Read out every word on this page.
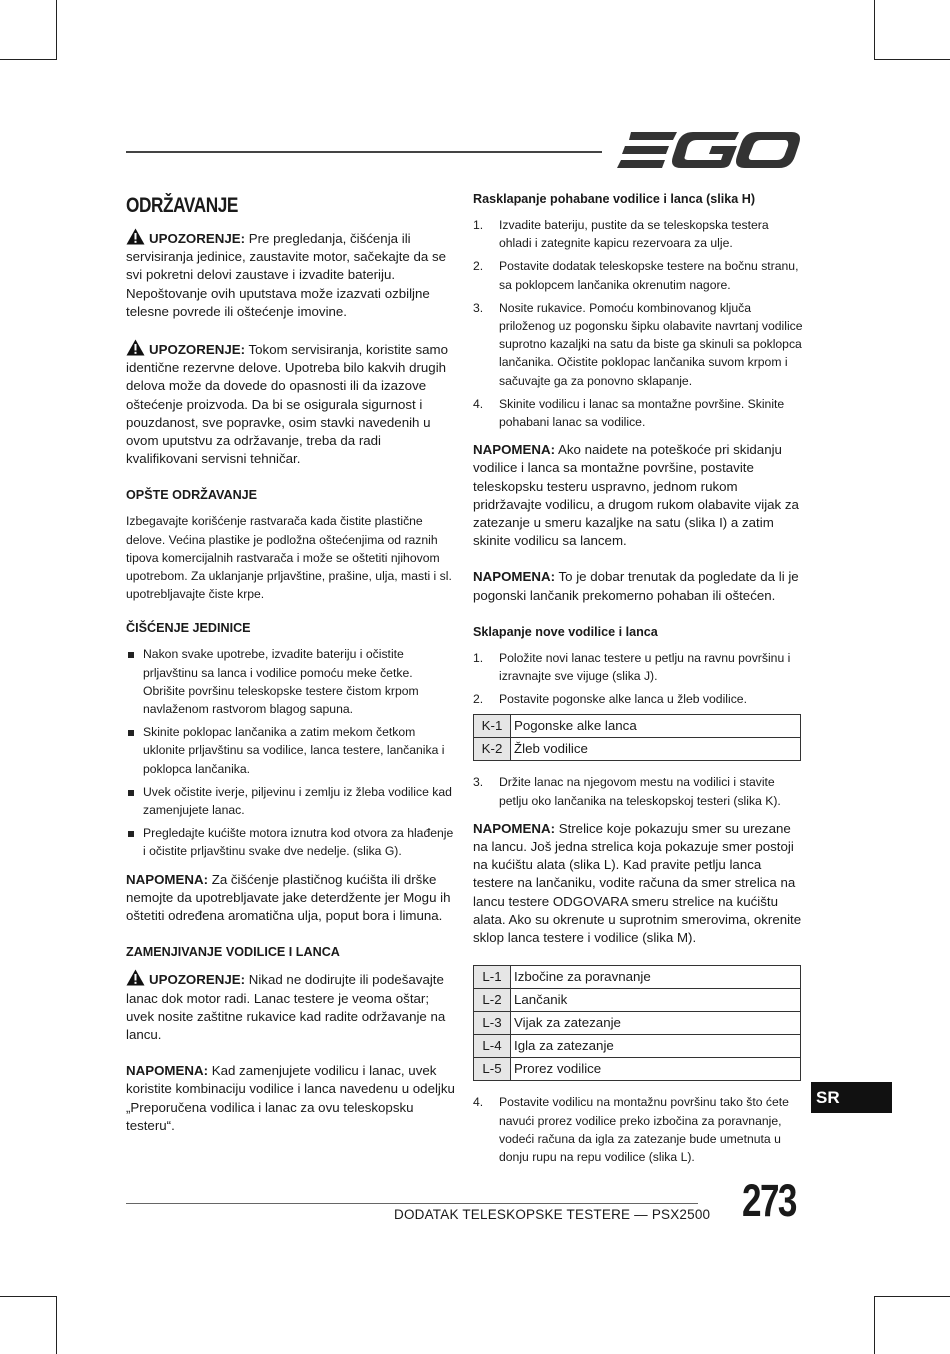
ODRŽAVANJE

UPOZORENJE: Pre pregledanja, čišćenja ili servisiranja jedinice, zaustavite motor, sačekajte da se svi pokretni delovi zaustave i izvadite bateriju. Nepoštovanje ovih uputstava može izazvati ozbiljne telesne povrede ili oštećenje imovine.

UPOZORENJE: Tokom servisiranja, koristite samo identične rezervne delove. Upotreba bilo kakvih drugih delova može da dovede do opasnosti ili da izazove oštećenje proizvoda. Da bi se osigurala sigurnost i pouzdanost, sve popravke, osim stavki navedenih u ovom uputstvu za održavanje, treba da radi kvalifikovani servisni tehničar.

OPŠTE ODRŽAVANJE

Izbegavajte korišćenje rastvarača kada čistite plastične delove. Većina plastike je podložna oštećenjima od raznih tipova komercijalnih rastvarača i može se oštetiti njihovom upotrebom. Za uklanjanje prljavštine, prašine, ulja, masti i sl. upotrebljavajte čiste krpe.

ČIŠĆENJE JEDINICE
Nakon svake upotrebe, izvadite bateriju i očistite prljavštinu sa lanca i vodilice pomoću meke četke. Obrišite površinu teleskopske testere čistom krpom navlaženom rastvorom blagog sapuna.
Skinite poklopac lančanika a zatim mekom četkom uklonite prljavštinu sa vodilice, lanca testere, lančanika i poklopca lančanika.
Uvek očistite iverje, piljevinu i zemlju iz žleba vodilice kad zamenjujete lanac.
Pregledajte kućište motora iznutra kod otvora za hlađenje i očistite prljavštinu svake dve nedelje. (slika G).

NAPOMENA: Za čišćenje plastičnog kućišta ili drške nemojte da upotrebljavate jake deterdžente jer Mogu ih oštetiti određena aromatična ulja, poput bora i limuna.

ZAMENJIVANJE VODILICE I LANCA

UPOZORENJE: Nikad ne dodirujte ili podešavajte lanac dok motor radi. Lanac testere je veoma oštar; uvek nosite zaštitne rukavice kad radite održavanje na lancu.

NAPOMENA: Kad zamenjujete vodilicu i lanac, uvek koristite kombinaciju vodilice i lanca navedenu u odeljku „Preporučena vodilica i lanac za ovu teleskopsku testeru“.

Rasklapanje pohabane vodilice i lanca (slika H)
1. Izvadite bateriju, pustite da se teleskopska testera ohladi i zategnite kapicu rezervoara za ulje.
2. Postavite dodatak teleskopske testere na bočnu stranu, sa poklopcem lančanika okrenutim nagore.
3. Nosite rukavice. Pomoću kombinovanog ključa priloženog uz pogonsku šipku olabavite navrtanj vodilice suprotno kazaljki na satu da biste ga skinuli sa poklopca lančanika. Očistite poklopac lančanika suvom krpom i sačuvajte ga za ponovno sklapanje.
4. Skinite vodilicu i lanac sa montažne površine. Skinite pohabani lanac sa vodilice.

NAPOMENA: Ako naidete na poteškoće pri skidanju vodilice i lanca sa montažne površine, postavite teleskopsku testeru uspravno, jednom rukom pridržavajte vodilicu, a drugom rukom olabavite vijak za zatezanje u smeru kazaljke na satu (slika I) a zatim skinite vodilicu sa lancem.

NAPOMENA: To je dobar trenutak da pogledate da li je pogonski lančanik prekomerno pohaban ili oštećen.

Sklapanje nove vodilice i lanca
1. Položite novi lanac testere u petlju na ravnu površinu i izravnajte sve vijuge (slika J).
2. Postavite pogonske alke lanca u žleb vodilice.
K-1	Pogonske alke lanca
K-2	Žleb vodilice
3. Držite lanac na njegovom mestu na vodilici i stavite petlju oko lančanika na teleskopskoj testeri (slika K).

NAPOMENA: Strelice koje pokazuju smer su urezane na lancu. Još jedna strelica koja pokazuje smer postoji na kućištu alata (slika L). Kad pravite petlju lanca testere na lančaniku, vodite računa da smer strelica na lancu testere ODGOVARA smeru strelice na kućištu alata. Ako su okrenute u suprotnim smerovima, okrenite sklop lanca testere i vodilice (slika M).

L-1	Izbočine za poravnanje
L-2	Lančanik
L-3	Vijak za zatezanje
L-4	Igla za zatezanje
L-5	Prorez vodilice
4. Postavite vodilicu na montažnu površinu tako što ćete navući prorez vodilice preko izbočina za poravnanje, vodeći računa da igla za zatezanje bude umetnuta u donju rupu na repu vodilice (slika L).
SR
DODATAK TELESKOPSKE TESTERE — PSX2500 273
